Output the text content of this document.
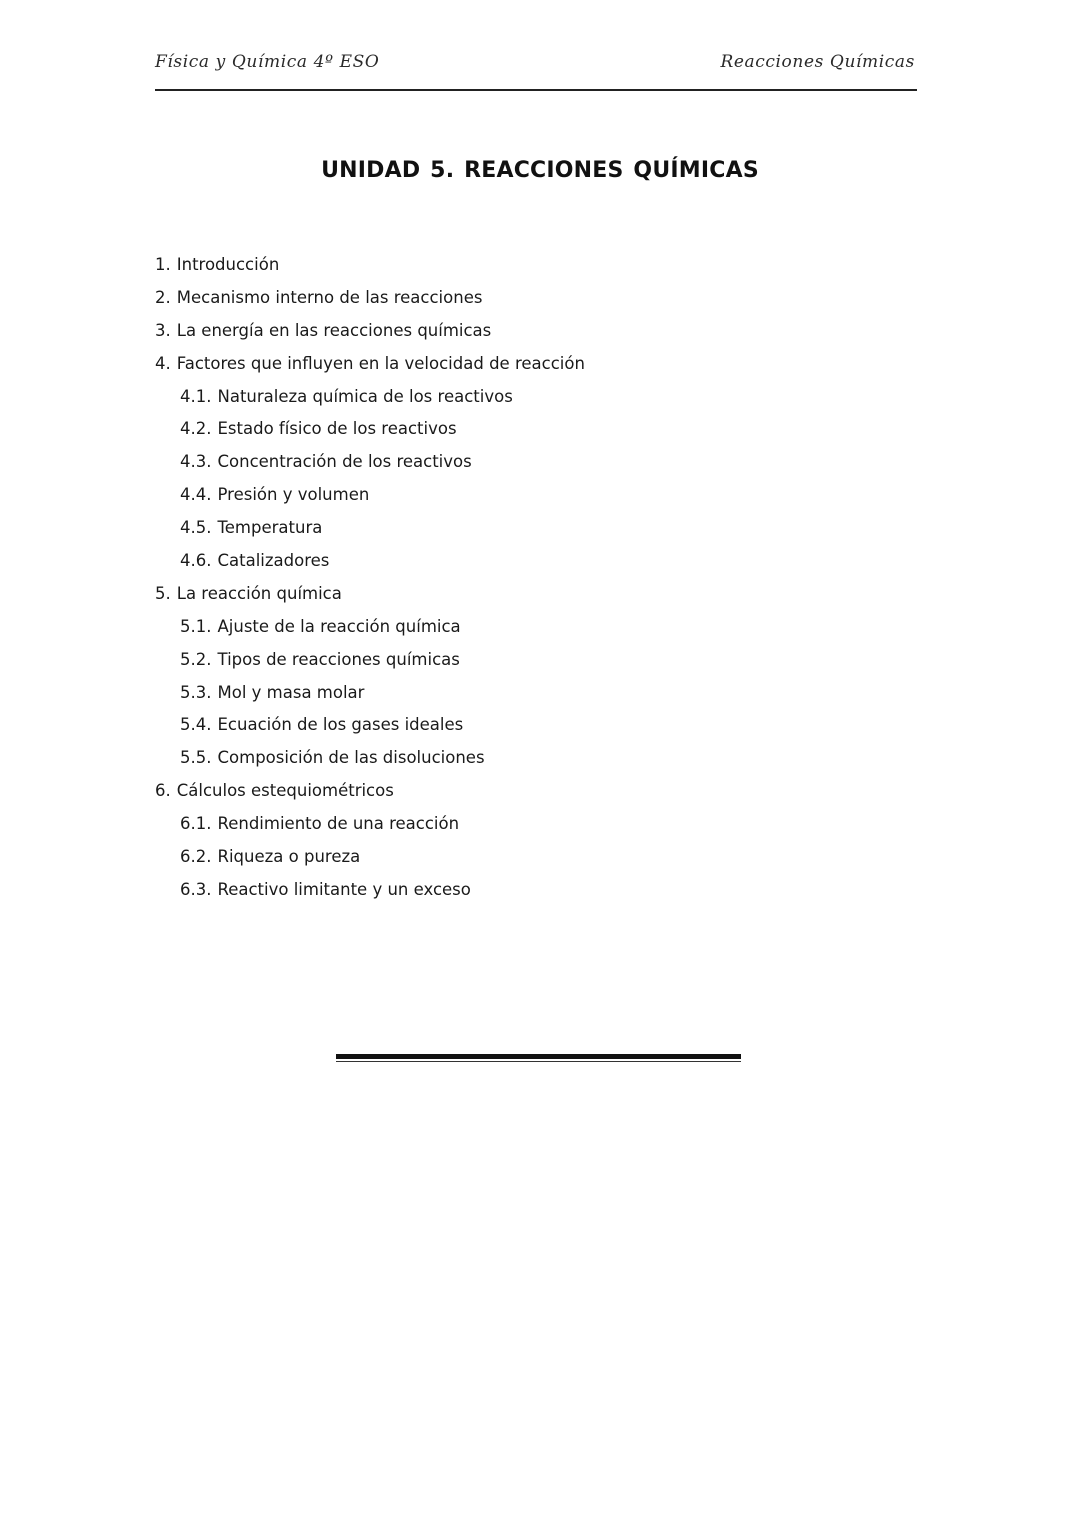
Física y Química 4º ESO	Reacciones Químicas
UNIDAD 5. REACCIONES QUÍMICAS
1. Introducción
2. Mecanismo interno de las reacciones
3. La energía en las reacciones químicas
4. Factores que influyen en la velocidad de reacción
4.1. Naturaleza química de los reactivos
4.2. Estado físico de los reactivos
4.3. Concentración de los reactivos
4.4. Presión y volumen
4.5. Temperatura
4.6. Catalizadores
5. La reacción química
5.1. Ajuste de la reacción química
5.2. Tipos de reacciones químicas
5.3. Mol y masa molar
5.4. Ecuación de los gases ideales
5.5. Composición de las disoluciones
6. Cálculos estequiométricos
6.1. Rendimiento de una reacción
6.2. Riqueza o pureza
6.3. Reactivo limitante y un exceso
